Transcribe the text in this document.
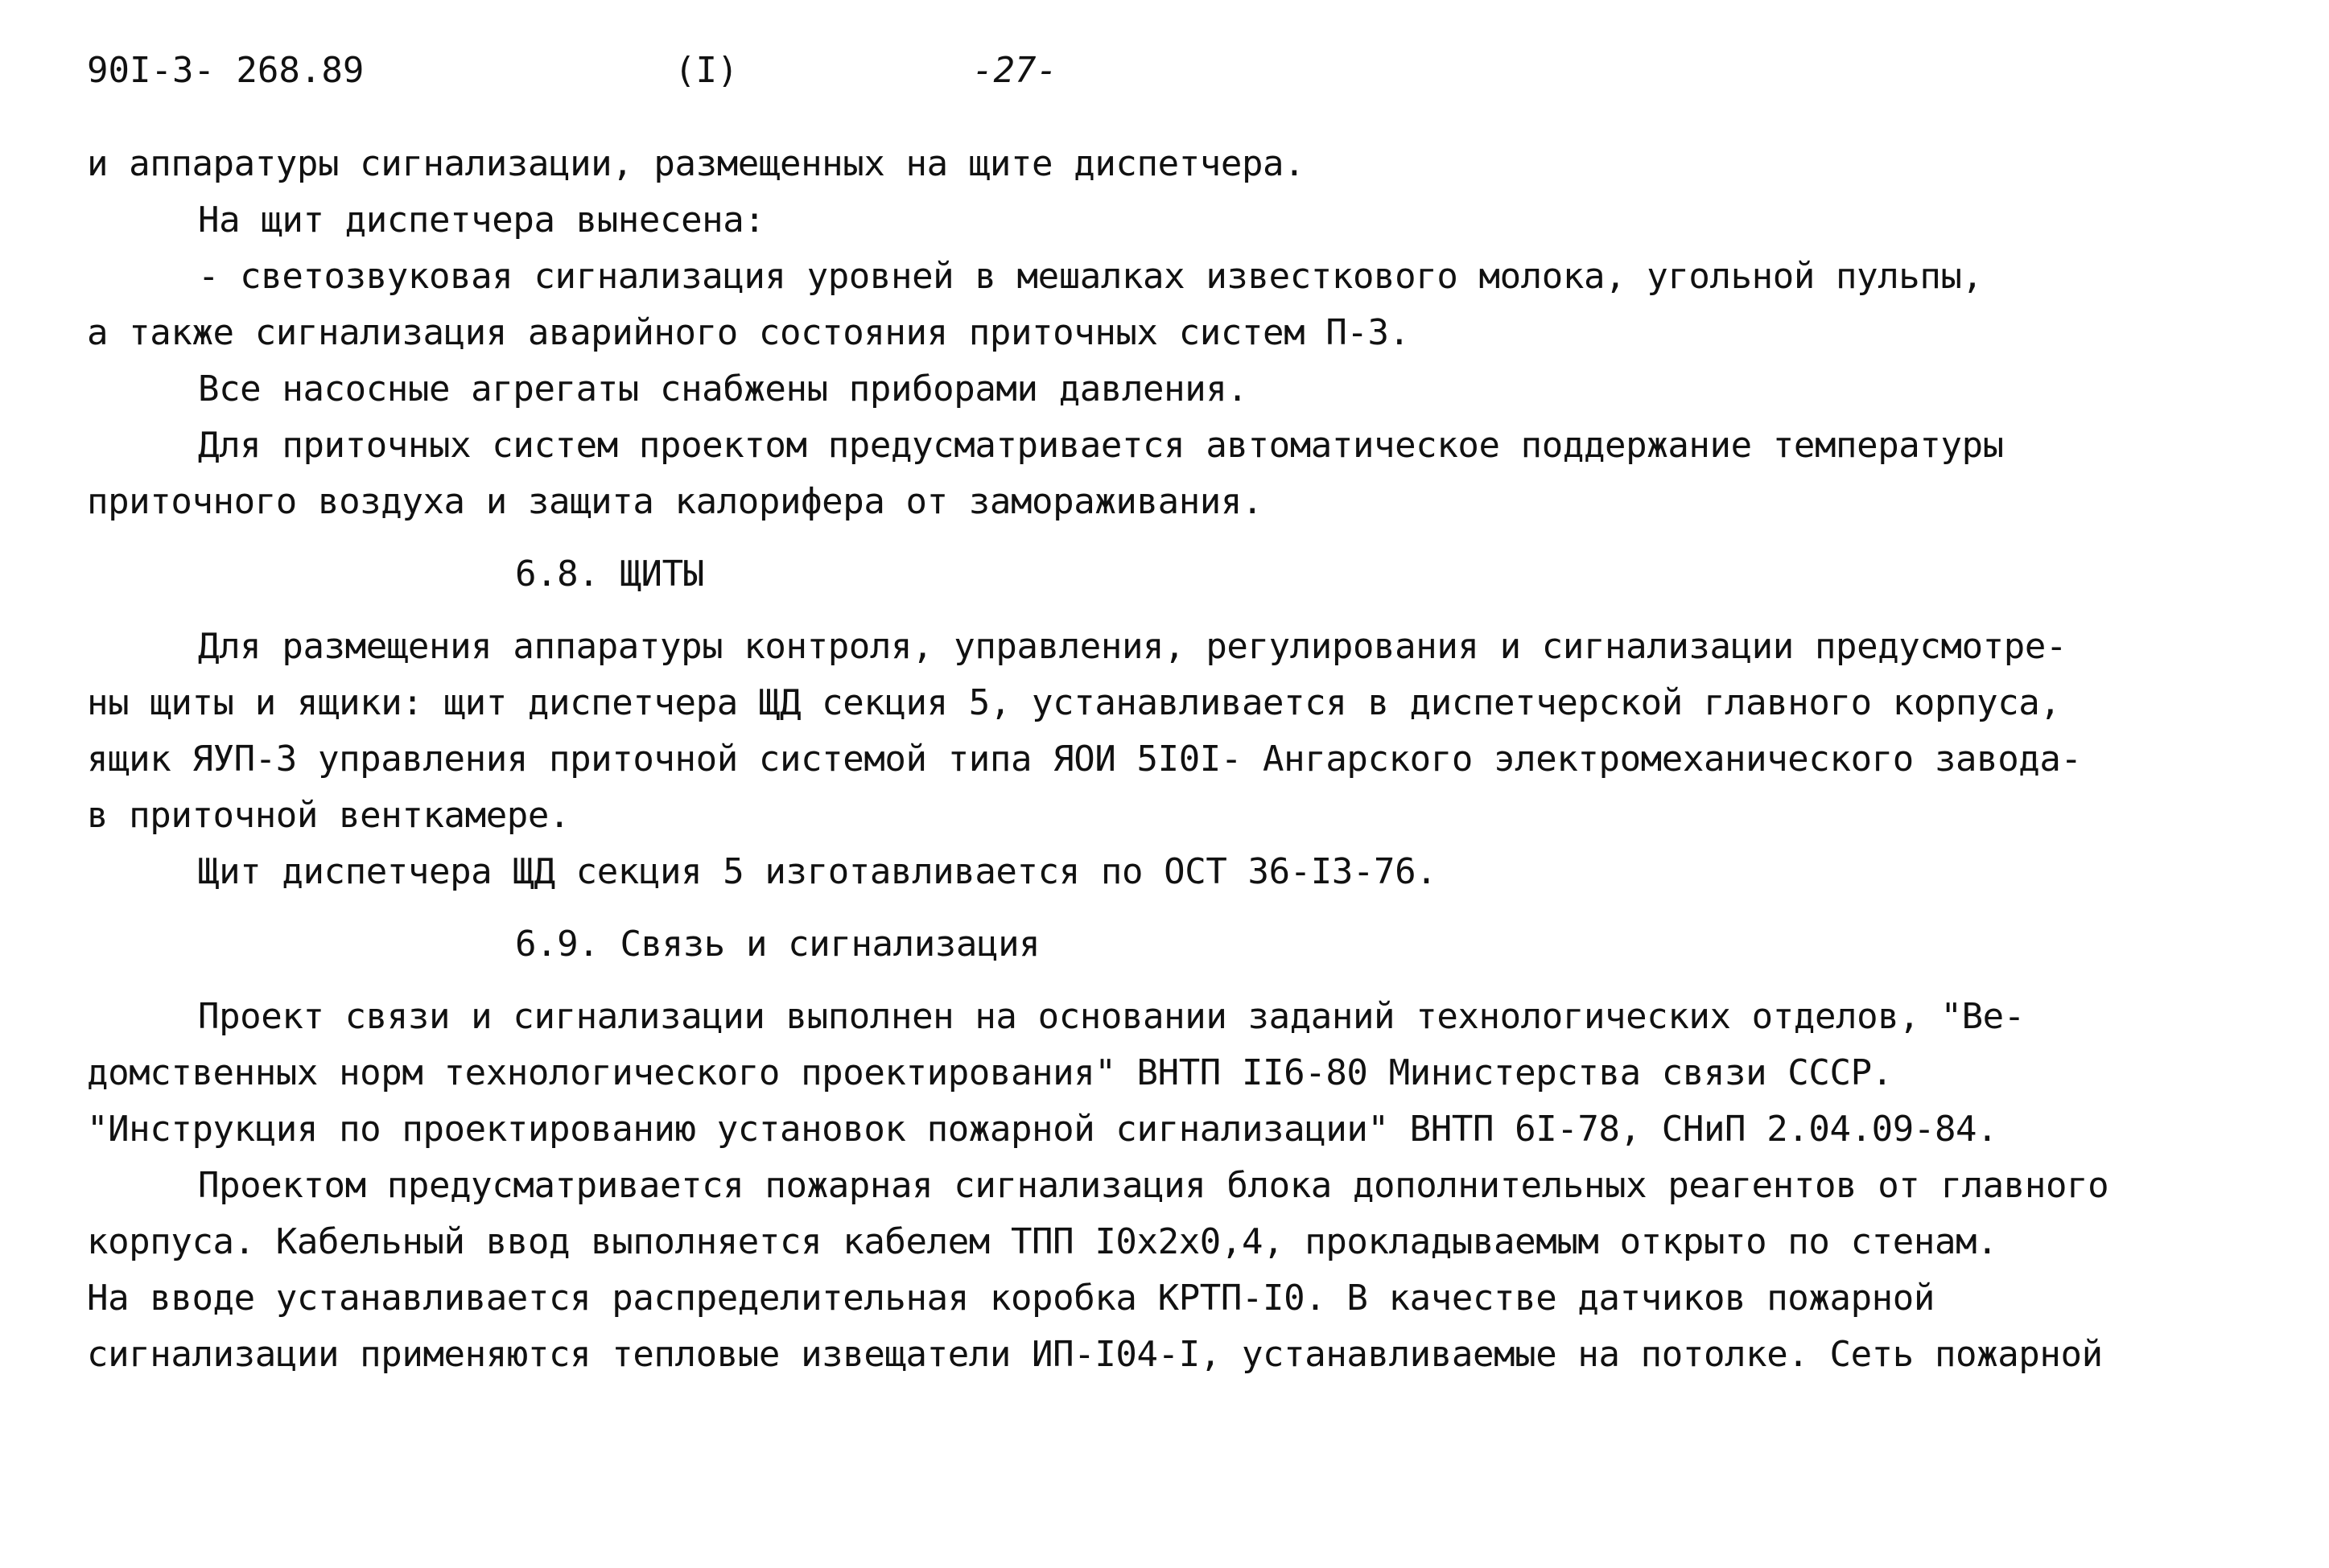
90I-3- 268.89	(I)	-27-
и аппаратуры сигнализации, размещенных на щите диспетчера.
На щит диспетчера вынесена:
- светозвуковая сигнализация уровней в мешалках известкового молока, угольной пульпы,
а также сигнализация аварийного состояния приточных систем П-3.
Все насосные агрегаты снабжены приборами давления.
Для приточных систем проектом предусматривается автоматическое поддержание температуры
приточного воздуха и защита калорифера от замораживания.
6.8. ЩИТЫ
Для размещения аппаратуры контроля, управления, регулирования и сигнализации предусмотре-
ны щиты и ящики: щит диспетчера ЩД секция 5, устанавливается в диспетчерской главного корпуса,
ящик ЯУП-3 управления приточной системой типа ЯОИ 5I0I- Ангарского электромеханического завода-
в приточной венткамере.
Щит диспетчера ЩД секция 5 изготавливается по ОСТ 36-I3-76.
6.9. Связь и сигнализация
Проект связи и сигнализации выполнен на основании заданий технологических отделов, "Ве-
домственных норм технологического проектирования" ВНТП II6-80 Министерства связи СССР.
"Инструкция по проектированию установок пожарной сигнализации" ВНТП 6I-78, СНиП 2.04.09-84.
Проектом предусматривается пожарная сигнализация блока дополнительных реагентов от главного
корпуса. Кабельный ввод выполняется кабелем ТПП I0x2x0,4, прокладываемым открыто по стенам.
На вводе устанавливается распределительная коробка КРТП-I0. В качестве датчиков пожарной
сигнализации применяются тепловые извещатели ИП-I04-I, устанавливаемые на потолке. Сеть пожарной
